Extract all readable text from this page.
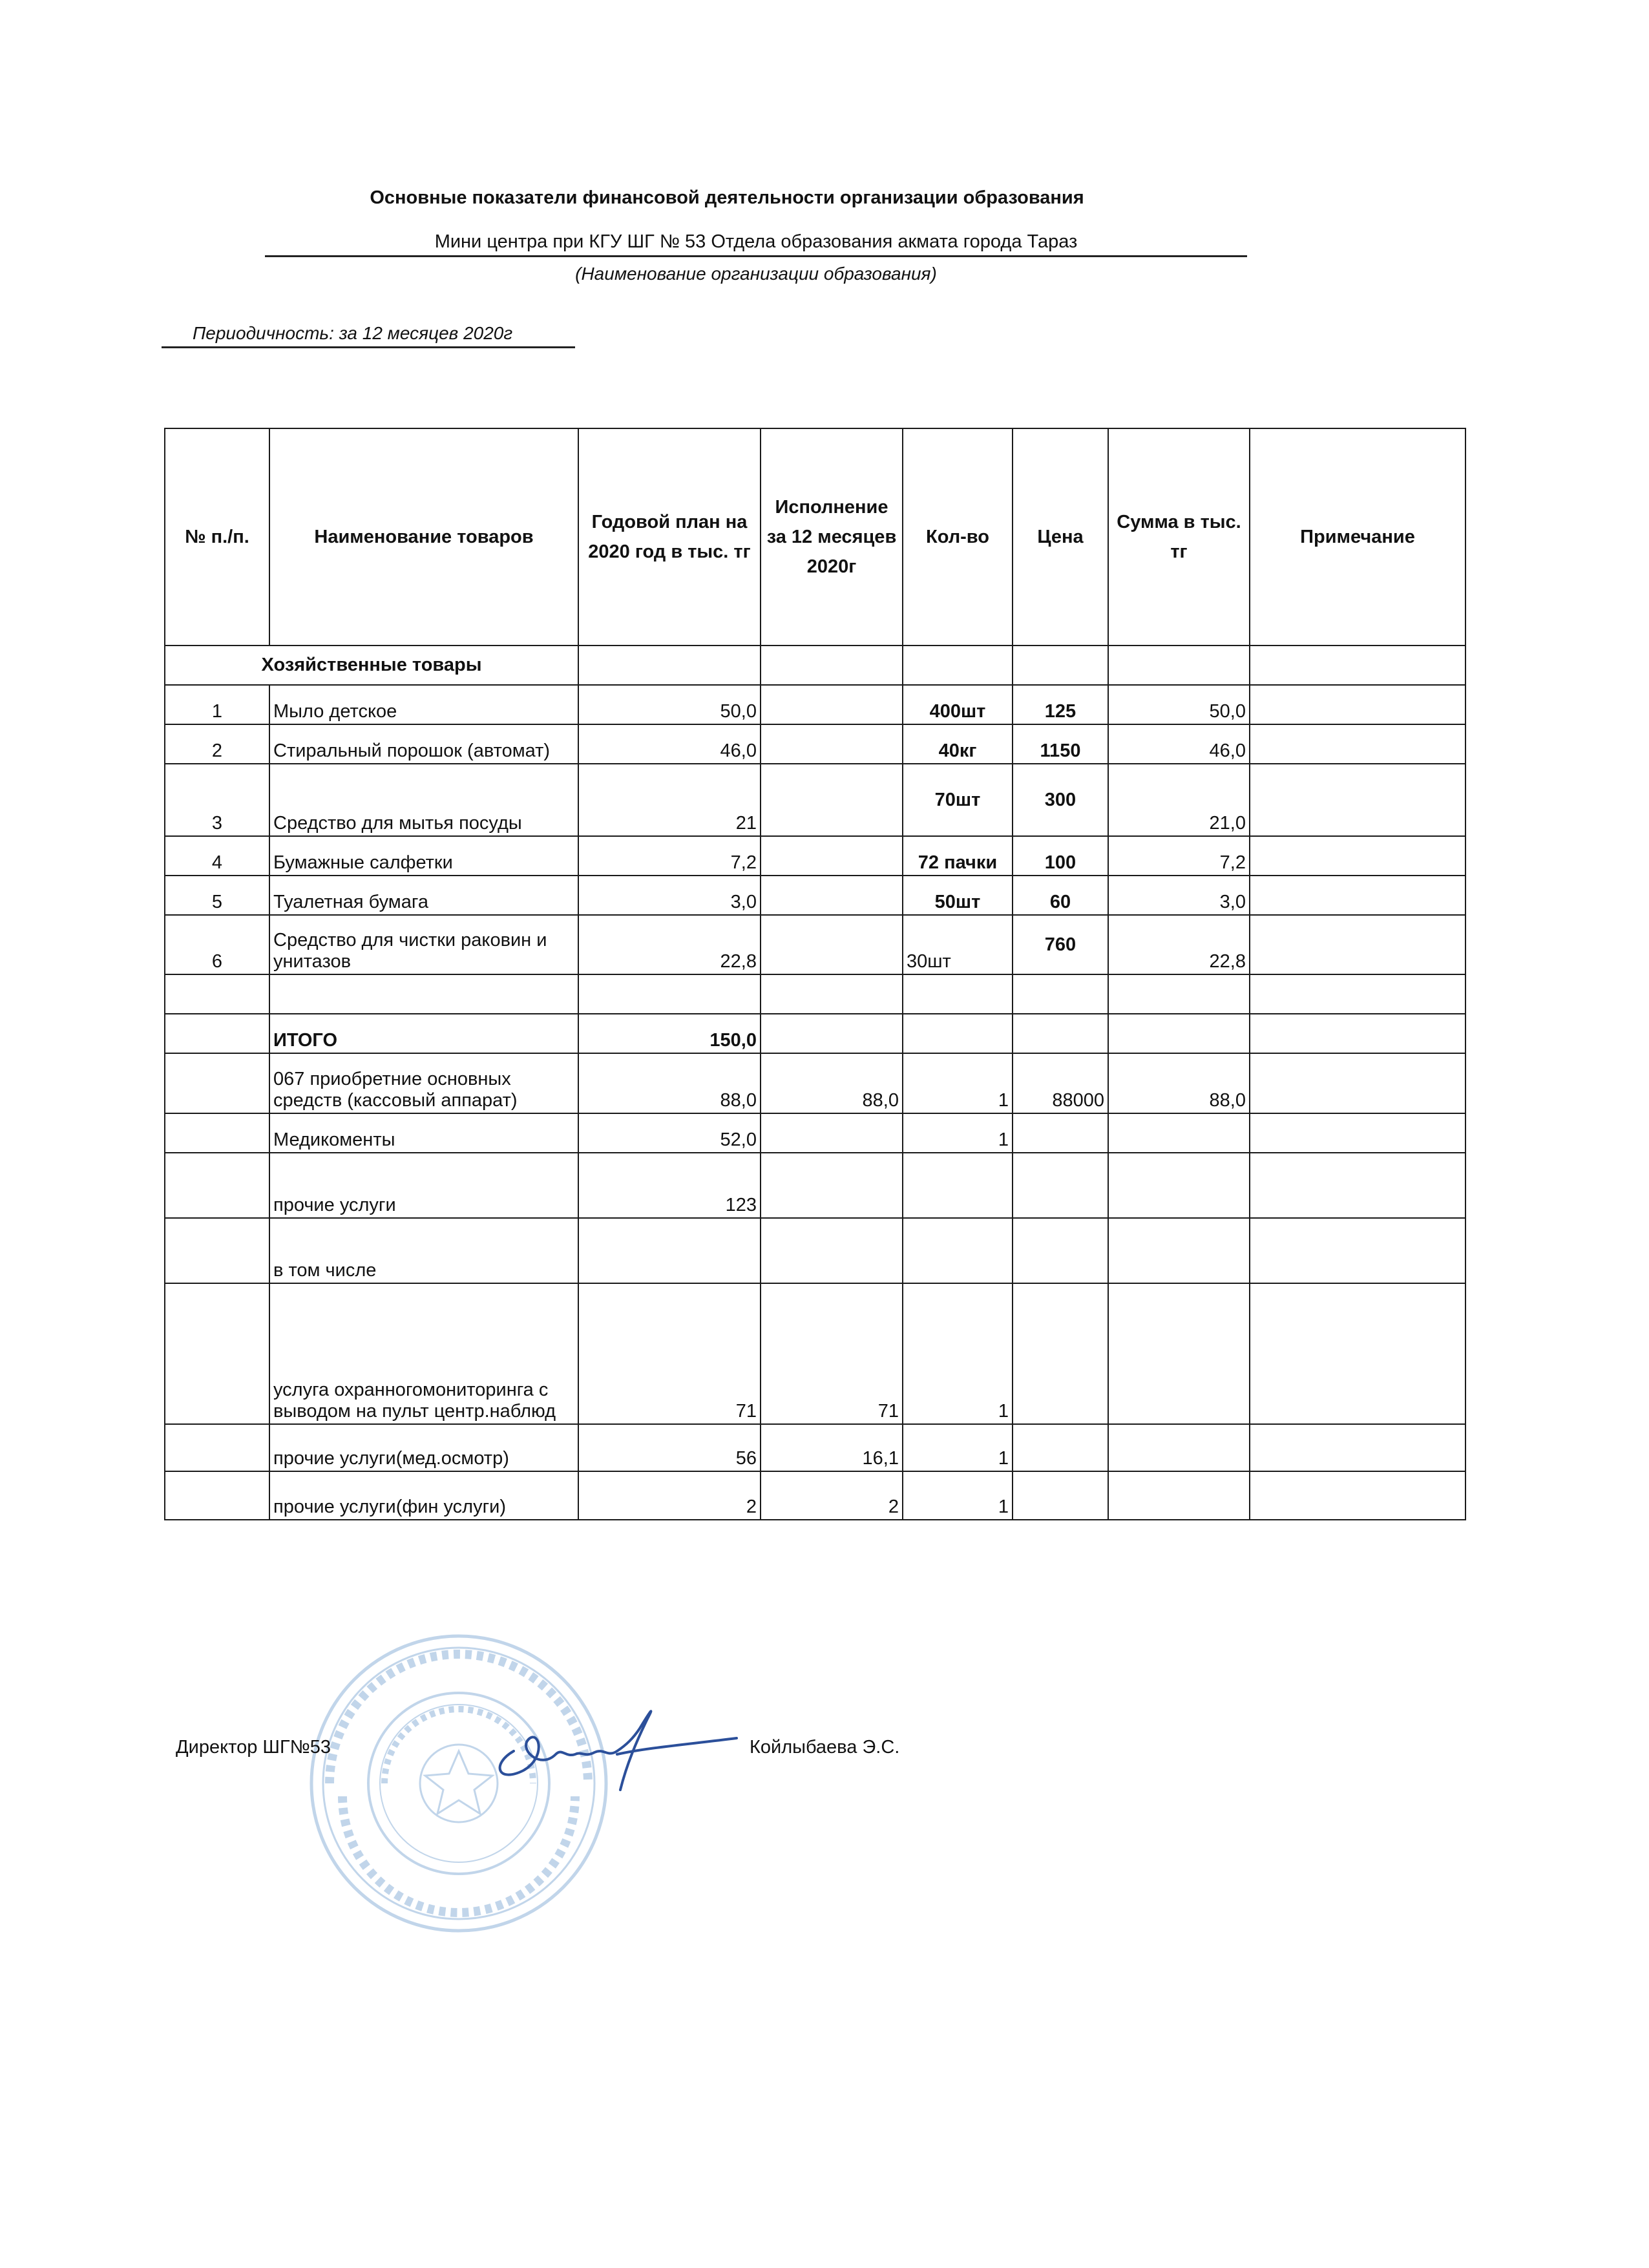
Основные показатели финансовой деятельности организации образования
Мини центра при КГУ ШГ № 53 Отдела образования акмата города Тараз
(Наименование организации образования)
Периодичность: за 12 месяцев 2020г
№ п./п.	Наименование товаров	Годовой план на 2020 год в тыс. тг	Исполнение за 12 месяцев 2020г	Кол-во	Цена	Сумма в тыс. тг	Примечание
Хозяйственные товары							
1	Мыло детское	50,0		400шт	125	50,0	
2	Стиральный порошок (автомат)	46,0		40кг	1150	46,0	
3	Средство для мытья посуды	21		70шт	300	21,0	
4	Бумажные салфетки	7,2		72 пачки	100	7,2	
5	Туалетная бумага	3,0		50шт	60	3,0	
6	Средство для чистки раковин и унитазов	22,8		30шт	760	22,8	

	ИТОГО	150,0					
	067 приобретние основных средств (кассовый аппарат)	88,0	88,0	1	88000	88,0	
	Медикоменты	52,0		1			
	прочие услуги	123					
	в том числе						
	услуга охранногомониторинга с выводом на пульт центр.наблюд	71	71	1			
	прочие услуги(мед.осмотр)	56	16,1	1			
	прочие услуги(фин услуги)	2	2	1			
Директор ШГ№53	Койлыбаева Э.С.
